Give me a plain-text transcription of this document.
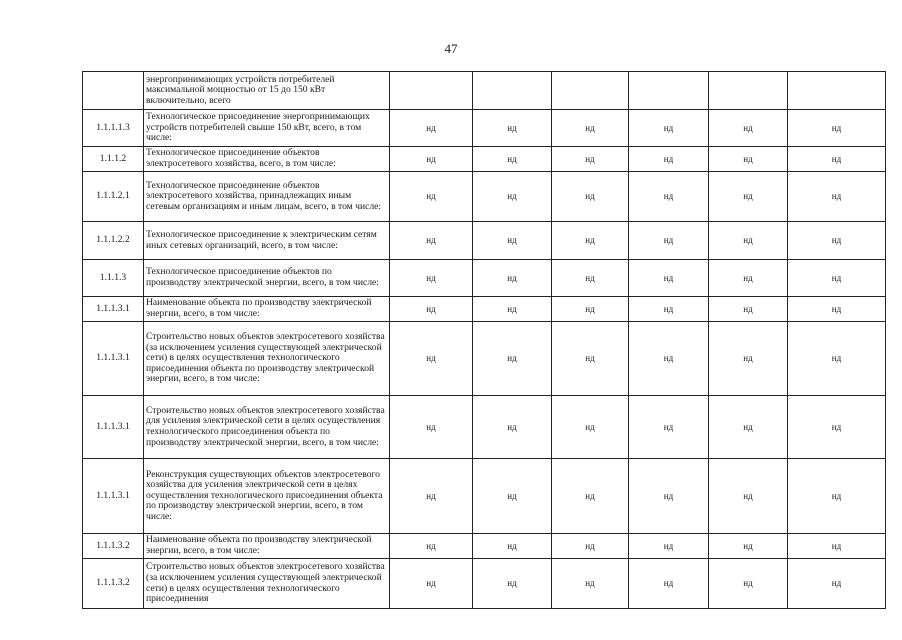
47
	энергопринимающих устройств потребителей максимальной мощностью от 15 до 150 кВт включительно, всего						
1.1.1.1.3	Технологическое присоединение энергопринимающих устройств потребителей свыше 150 кВт, всего, в том числе:	нд	нд	нд	нд	нд	нд
1.1.1.2	Технологическое присоединение объектов электросетевого хозяйства, всего, в том числе:	нд	нд	нд	нд	нд	нд
1.1.1.2.1	Технологическое присоединение объектов электросетевого хозяйства, принадлежащих иным сетевым организациям и иным лицам, всего, в том числе:	нд	нд	нд	нд	нд	нд
1.1.1.2.2	Технологическое присоединение к электрическим сетям иных сетевых организаций, всего, в том числе:	нд	нд	нд	нд	нд	нд
1.1.1.3	Технологическое присоединение объектов по производству электрической энергии, всего, в том числе:	нд	нд	нд	нд	нд	нд
1.1.1.3.1	Наименование объекта по производству электрической энергии, всего, в том числе:	нд	нд	нд	нд	нд	нд
1.1.1.3.1	Строительство новых объектов электросетевого хозяйства (за исключением усиления существующей электрической сети) в целях осуществления технологического присоединения объекта по производству электрической энергии, всего, в том числе:	нд	нд	нд	нд	нд	нд
1.1.1.3.1	Строительство новых объектов электросетевого хозяйства для усиления электрической сети в целях осуществления технологического присоединения объекта по производству электрической энергии, всего, в том числе:	нд	нд	нд	нд	нд	нд
1.1.1.3.1	Реконструкция существующих объектов электросетевого хозяйства для усиления электрической сети в целях осуществления технологического присоединения объекта по производству электрической энергии, всего, в том числе:	нд	нд	нд	нд	нд	нд
1.1.1.3.2	Наименование объекта по производству электрической энергии, всего, в том числе:	нд	нд	нд	нд	нд	нд
1.1.1.3.2	Строительство новых объектов электросетевого хозяйства (за исключением усиления существующей электрической сети) в целях осуществления технологического присоединения	нд	нд	нд	нд	нд	нд
